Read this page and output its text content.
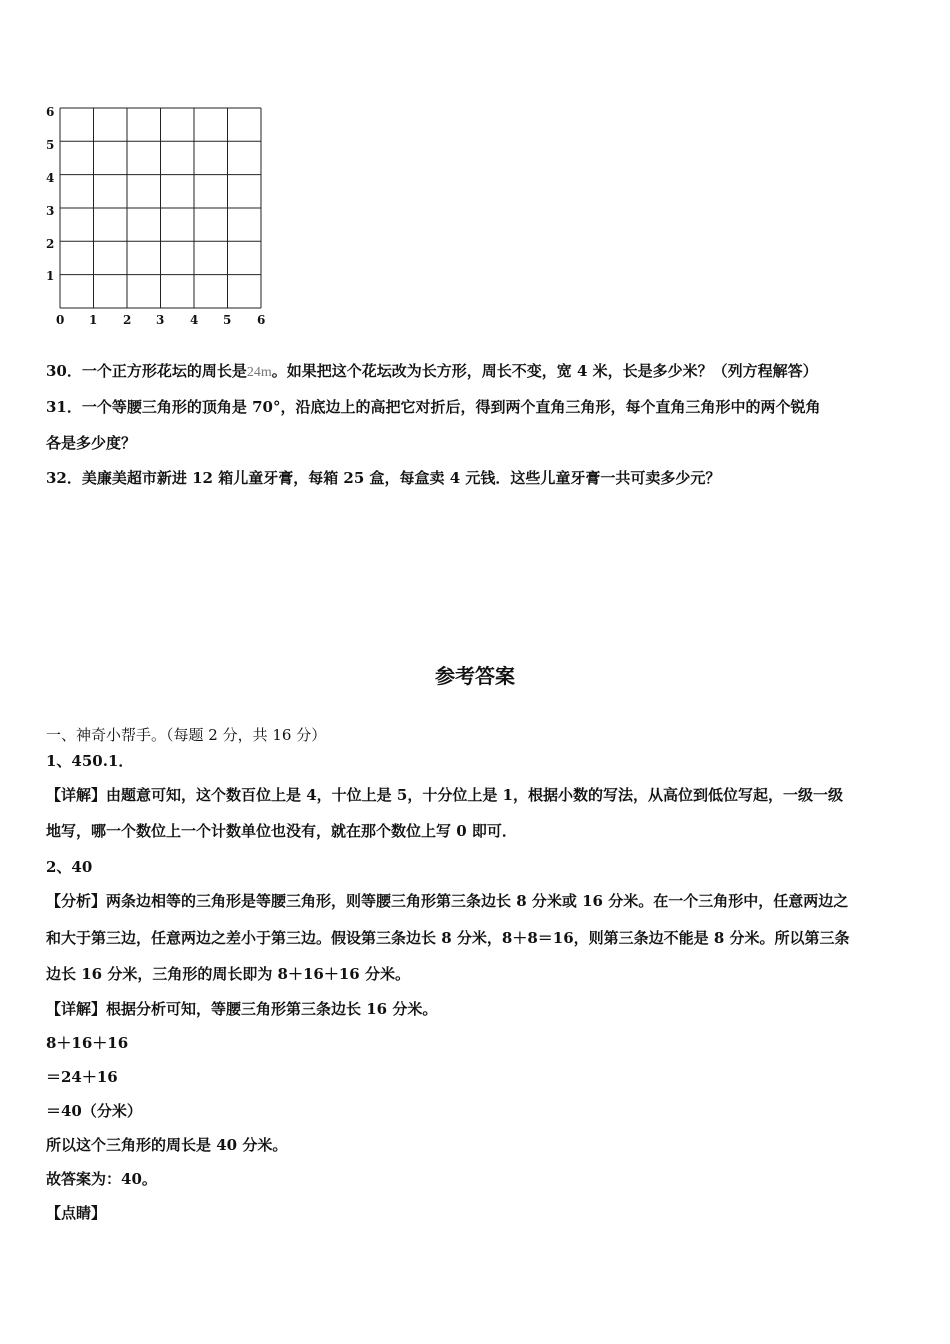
6
5
4
3
2
1
0 1 2 3 4 5 6
30．一个正方形花坛的周长是24m。如果把这个花坛改为长方形，周长不变，宽 4 米，长是多少米？（列方程解答）
31．一个等腰三角形的顶角是 70°，沿底边上的高把它对折后，得到两个直角三角形，每个直角三角形中的两个锐角
各是多少度？
32．美廉美超市新进 12 箱儿童牙膏，每箱 25 盒，每盒卖 4 元钱．这些儿童牙膏一共可卖多少元？
参考答案
一、神奇小帮手。（每题 2 分，共 16 分）
1、450.1．
【详解】由题意可知，这个数百位上是 4，十位上是 5，十分位上是 1，根据小数的写法，从高位到低位写起，一级一级
地写，哪一个数位上一个计数单位也没有，就在那个数位上写 0 即可．
2、40
【分析】两条边相等的三角形是等腰三角形，则等腰三角形第三条边长 8 分米或 16 分米。在一个三角形中，任意两边之
和大于第三边，任意两边之差小于第三边。假设第三条边长 8 分米，8＋8＝16，则第三条边不能是 8 分米。所以第三条
边长 16 分米，三角形的周长即为 8＋16＋16 分米。
【详解】根据分析可知，等腰三角形第三条边长 16 分米。
8＋16＋16
＝24＋16
＝40（分米）
所以这个三角形的周长是 40 分米。
故答案为：40。
【点睛】
